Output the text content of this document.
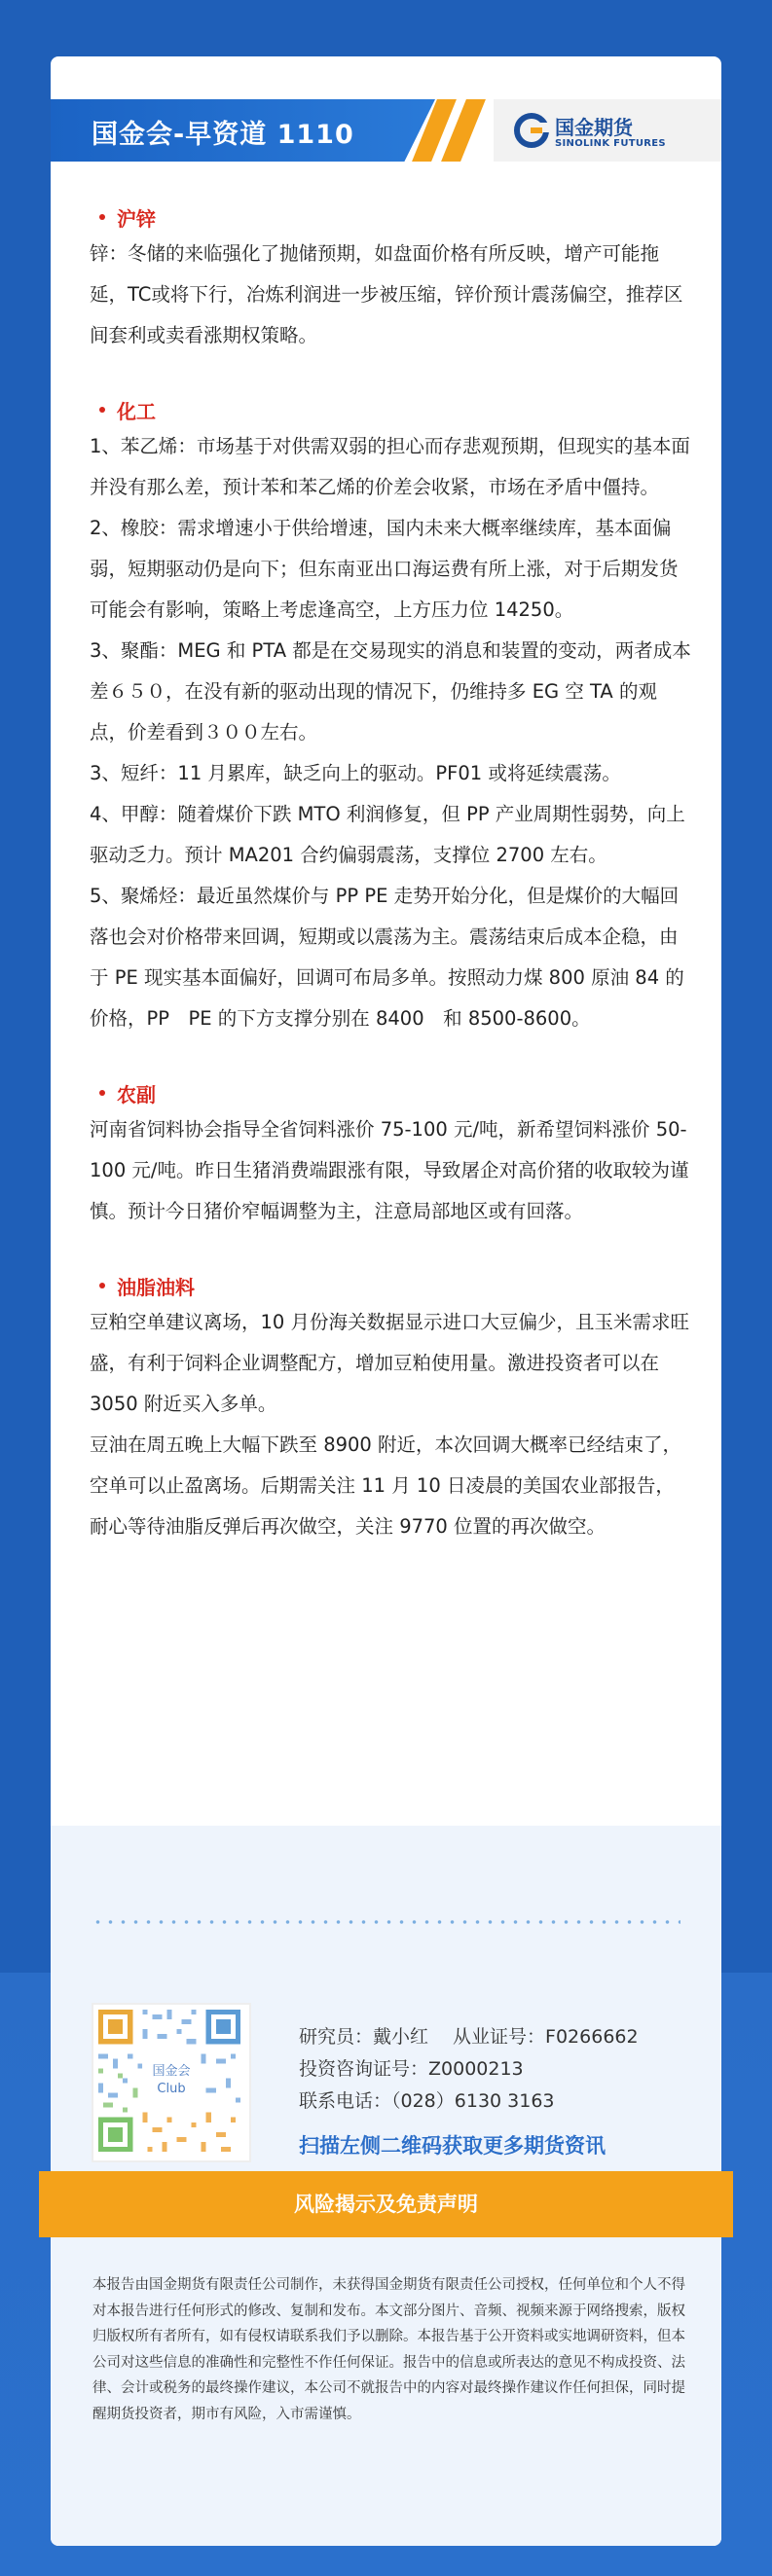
国金会-早资道 1110	国金期货
SINOLINK FUTURES
沪锌

锌：冬储的来临强化了抛储预期，如盘面价格有所反映，增产可能拖延，TC或将下行，冶炼利润进一步被压缩，锌价预计震荡偏空，推荐区间套利或卖看涨期权策略。

化工

1、苯乙烯：市场基于对供需双弱的担心而存悲观预期，但现实的基本面并没有那么差，预计苯和苯乙烯的价差会收紧，市场在矛盾中僵持。

2、橡胶：需求增速小于供给增速，国内未来大概率继续库，基本面偏弱，短期驱动仍是向下；但东南亚出口海运费有所上涨，对于后期发货可能会有影响，策略上考虑逢高空，上方压力位 14250。

3、聚酯：MEG 和 PTA 都是在交易现实的消息和装置的变动，两者成本差６５０，在没有新的驱动出现的情况下，仍维持多 EG 空 TA 的观点，价差看到３００左右。

3、短纤：11 月累库，缺乏向上的驱动。PF01 或将延续震荡。

4、甲醇：随着煤价下跌 MTO 利润修复，但 PP 产业周期性弱势，向上驱动乏力。预计 MA201 合约偏弱震荡，支撑位 2700 左右。

5、聚烯烃：最近虽然煤价与 PP PE 走势开始分化，但是煤价的大幅回落也会对价格带来回调，短期或以震荡为主。震荡结束后成本企稳，由于 PE 现实基本面偏好，回调可布局多单。按照动力煤 800 原油 84 的价格，PP　PE 的下方支撑分别在 8400　和 8500-8600。

农副

河南省饲料协会指导全省饲料涨价 75-100 元/吨，新希望饲料涨价 50-100 元/吨。昨日生猪消费端跟涨有限，导致屠企对高价猪的收取较为谨慎。预计今日猪价窄幅调整为主，注意局部地区或有回落。

油脂油料

豆粕空单建议离场，10 月份海关数据显示进口大豆偏少，且玉米需求旺盛，有利于饲料企业调整配方，增加豆粕使用量。激进投资者可以在 3050 附近买入多单。

豆油在周五晚上大幅下跌至 8900 附近，本次回调大概率已经结束了，空单可以止盈离场。后期需关注 11 月 10 日凌晨的美国农业部报告，耐心等待油脂反弹后再次做空，关注 9770 位置的再次做空。

国金会
Club
研究员：戴小红　 从业证号：F0266662
投资咨询证号：Z0000213
联系电话：（028）6130 3163
扫描左侧二维码获取更多期货资讯
风险揭示及免责声明
本报告由国金期货有限责任公司制作，未获得国金期货有限责任公司授权，任何单位和个人不得对本报告进行任何形式的修改、复制和发布。本文部分图片、音频、视频来源于网络搜索，版权归版权所有者所有，如有侵权请联系我们予以删除。本报告基于公开资料或实地调研资料，但本公司对这些信息的准确性和完整性不作任何保证。报告中的信息或所表达的意见不构成投资、法律、会计或税务的最终操作建议，本公司不就报告中的内容对最终操作建议作任何担保，同时提醒期货投资者，期市有风险，入市需谨慎。
